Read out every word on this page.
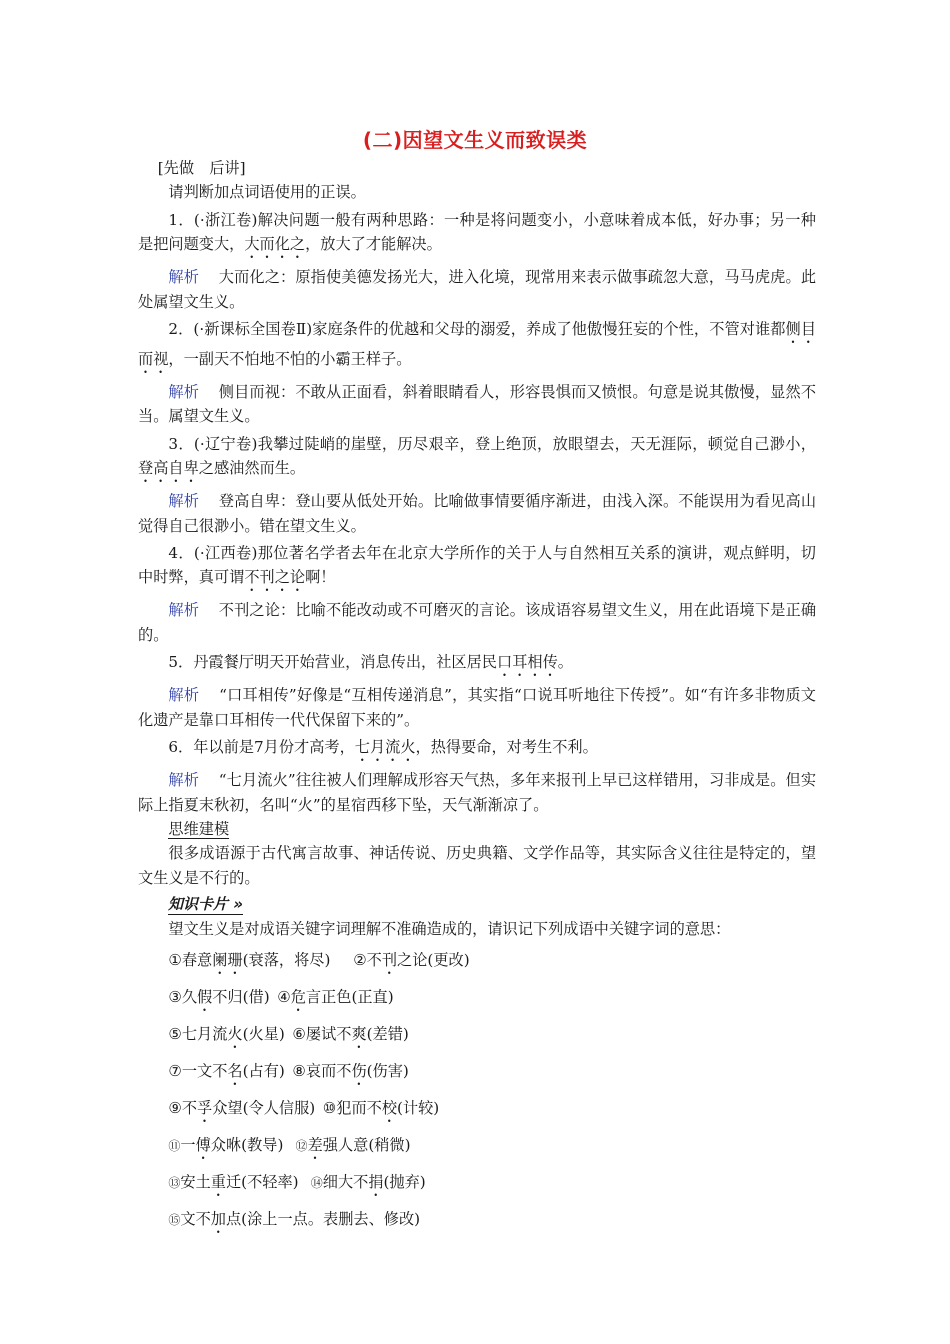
(二)因望文生义而致误类

[先做　后讲]

请判断加点词语使用的正误。

1．(·浙江卷)解决问题一般有两种思路：一种是将问题变小，小意味着成本低，好办事；另一种是把问题变大，大而化之，放大了才能解决。

解析 大而化之：原指使美德发扬光大，进入化境，现常用来表示做事疏忽大意，马马虎虎。此处属望文生义。

2．(·新课标全国卷Ⅱ)家庭条件的优越和父母的溺爱，养成了他傲慢狂妄的个性，不管对谁都侧目而视，一副天不怕地不怕的小霸王样子。

解析 侧目而视：不敢从正面看，斜着眼睛看人，形容畏惧而又愤恨。句意是说其傲慢，显然不当。属望文生义。

3．(·辽宁卷)我攀过陡峭的崖壁，历尽艰辛，登上绝顶，放眼望去，天无涯际，顿觉自己渺小，登高自卑之感油然而生。

解析 登高自卑：登山要从低处开始。比喻做事情要循序渐进，由浅入深。不能误用为看见高山觉得自己很渺小。错在望文生义。

4．(·江西卷)那位著名学者去年在北京大学所作的关于人与自然相互关系的演讲，观点鲜明，切中时弊，真可谓不刊之论啊！

解析 不刊之论：比喻不能改动或不可磨灭的言论。该成语容易望文生义，用在此语境下是正确的。

5．丹霞餐厅明天开始营业，消息传出，社区居民口耳相传。

解析 “口耳相传”好像是“互相传递消息”，其实指“口说耳听地往下传授”。如“有许多非物质文化遗产是靠口耳相传一代代保留下来的”。

6．年以前是7月份才高考，七月流火，热得要命，对考生不利。

解析 “七月流火”往往被人们理解成形容天气热，多年来报刊上早已这样错用，习非成是。但实际上指夏末秋初，名叫“火”的星宿西移下坠，天气渐渐凉了。

思维建模

很多成语源于古代寓言故事、神话传说、历史典籍、文学作品等，其实际含义往往是特定的，望文生义是不行的。

知识卡片 »

望文生义是对成语关键字词理解不准确造成的，请识记下列成语中关键字词的意思：

①春意阑珊(衰落，将尽) ②不刊之论(更改)

③久假不归(借) ④危言正色(正直)

⑤七月流火(火星) ⑥屡试不爽(差错)

⑦一文不名(占有) ⑧哀而不伤(伤害)

⑨不孚众望(令人信服) ⑩犯而不校(计较)

⑪一傅众咻(教导) ⑫差强人意(稍微)

⑬安土重迁(不轻率) ⑭细大不捐(抛弃)

⑮文不加点(涂上一点。表删去、修改)
